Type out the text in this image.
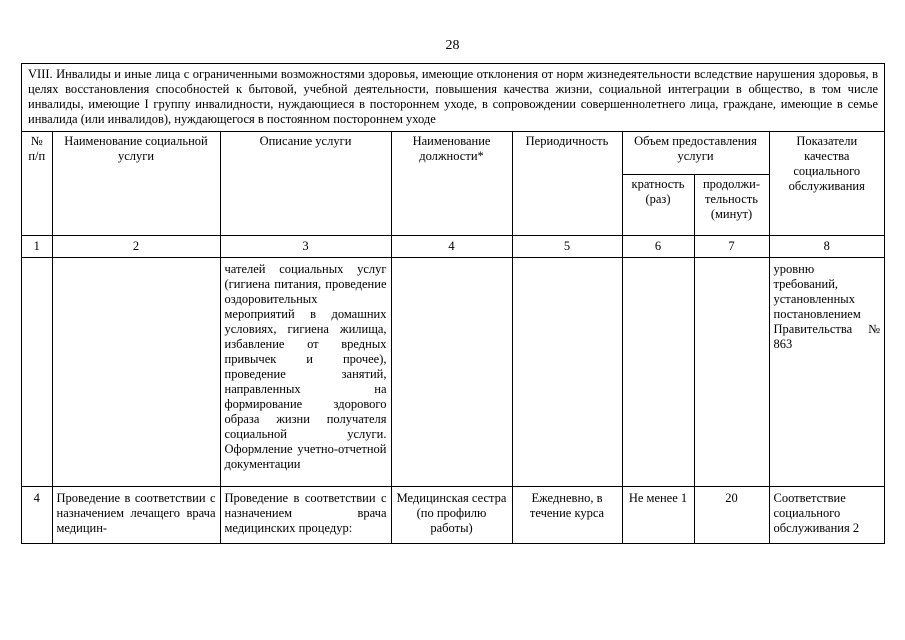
28
VIII. Инвалиды и иные лица с ограниченными возможностями здоровья, имеющие отклонения от норм жизнедеятельности вследствие нарушения здоровья, в целях восстановления способностей к бытовой, учебной деятельности, повышения качества жизни, социальной интеграции в общество, в том числе инвалиды, имеющие I группу инвалидности, нуждающиеся в постороннем уходе, в сопровождении совершеннолетнего лица, граждане, имеющие в семье инвалида (или инвалидов), нуждающегося в постоянном постороннем уходе
№ п/п	Наименование социальной услуги	Описание услуги	Наименование должности*	Периодичность	Объем предоставления услуги		Показатели качества социального обслуживания
					кратность (раз)	продолжи-тельность (минут)	
1	2	3	4	5	6	7	8
		чателей социальных услуг (гигиена питания, проведение оздоровительных мероприятий в домашних условиях, гигиена жилища, избавление от вредных привычек и прочее), проведение занятий, направленных на формирование здорового образа жизни получателя социальной услуги. Оформление учетно-отчетной документации					уровню требований, установленных постановлением Правительства № 863
4	Проведение в соответствии с назначением лечащего врача медицин-	Проведение в соответствии с назначением врача медицинских процедур:	Медицинская сестра (по профилю работы)	Ежедневно, в течение курса	Не менее 1	20	Соответствие социального обслуживания 2
